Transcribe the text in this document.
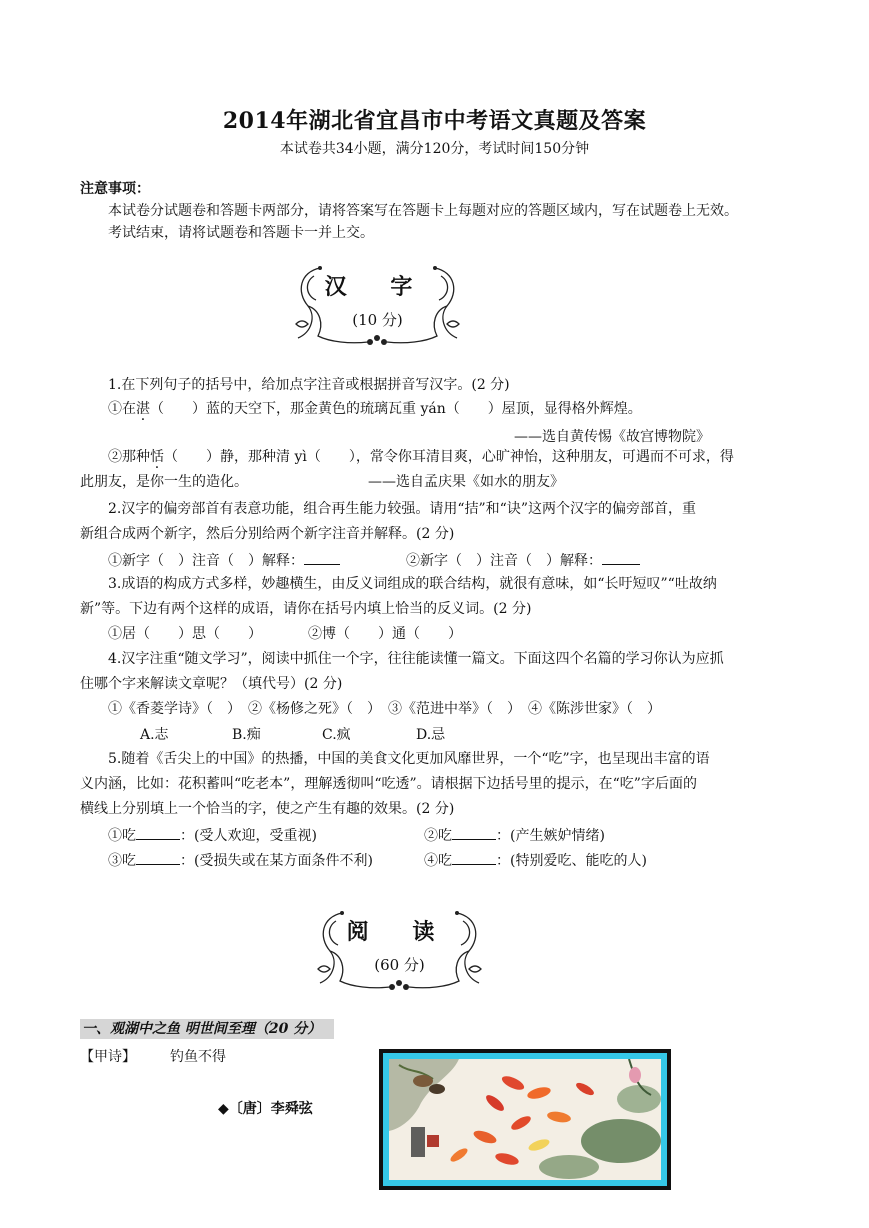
2014年湖北省宜昌市中考语文真题及答案
本试卷共34小题，满分120分，考试时间150分钟
注意事项：
本试卷分试题卷和答题卡两部分，请将答案写在答题卡上每题对应的答题区域内，写在试题卷上无效。
考试结束，请将试题卷和答题卡一并上交。
汉 字
(10 分)
1.在下列句子的括号中，给加点字注音或根据拼音写汉字。(2 分)
①在湛（　　）蓝的天空下，那金黄色的琉璃瓦重 yán（　　）屋顶，显得格外辉煌。
——选自黄传惕《故宫博物院》
②那种恬（　　）静，那种清 yì（　　），常令你耳清目爽，心旷神怡，这种朋友，可遇而不可求，得
此朋友，是你一生的造化。	——选自孟庆果《如水的朋友》
2.汉字的偏旁部首有表意功能，组合再生能力较强。请用“拮”和“诀”这两个汉字的偏旁部首，重
新组合成两个新字，然后分别给两个新字注音并解释。(2 分)
①新字（　）注音（　）解释：	②新字（　）注音（　）解释：
3.成语的构成方式多样，妙趣横生，由反义词组成的联合结构，就很有意味，如“长吁短叹”“吐故纳
新”等。下边有两个这样的成语，请你在括号内填上恰当的反义词。(2 分)
①居（　　）思（　　）	②博（　　）通（　　）
4.汉字注重“随文学习”，阅读中抓住一个字，往往能读懂一篇文。下面这四个名篇的学习你认为应抓
住哪个字来解读文章呢？（填代号）(2 分)
①《香菱学诗》（　）　②《杨修之死》（　）　③《范进中举》（　）　④《陈涉世家》（　）
A.志	B.痴	C.疯	D.忌
5.随着《舌尖上的中国》的热播，中国的美食文化更加风靡世界，一个“吃”字，也呈现出丰富的语
义内涵，比如：花积蓄叫“吃老本”，理解透彻叫“吃透”。请根据下边括号里的提示，在“吃”字后面的
横线上分别填上一个恰当的字，使之产生有趣的效果。(2 分)
①吃	：(受人欢迎，受重视)	②吃	：(产生嫉妒情绪)
③吃	：(受损失或在某方面条件不利)	④吃	：(特别爱吃、能吃的人)
阅 读
(60 分)
一、观湖中之鱼 明世间至理（20 分）
【甲诗】 钓鱼不得
◆〔唐〕李舜弦
